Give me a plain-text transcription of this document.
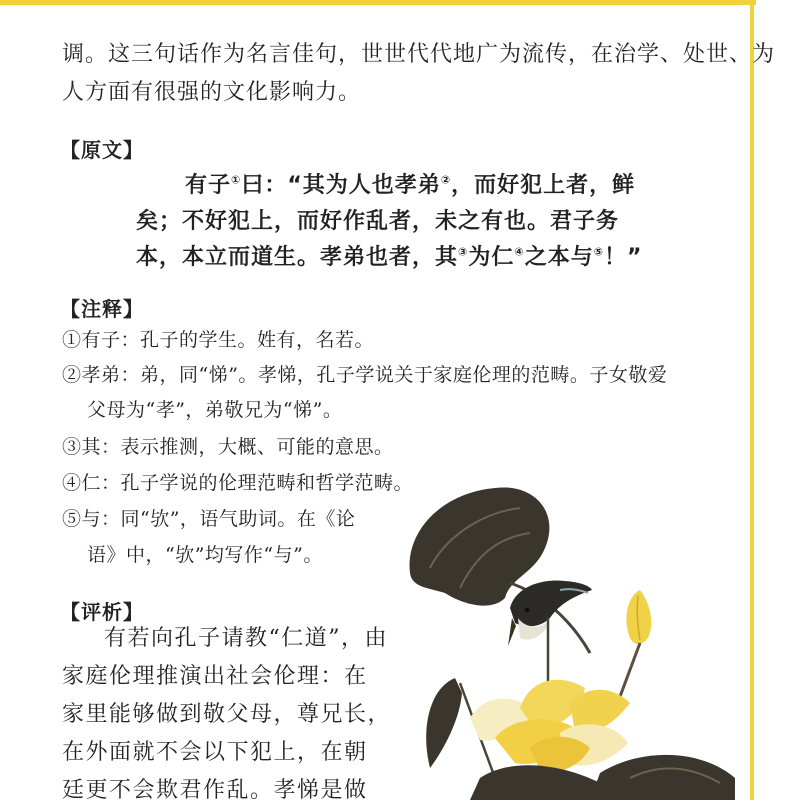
调。这三句话作为名言佳句，世世代代地广为流传，在治学、处世、为
人方面有很强的文化影响力。
【原文】
有子①曰：“其为人也孝弟②，而好犯上者，鲜
矣；不好犯上，而好作乱者，未之有也。君子务
本，本立而道生。孝弟也者，其③为仁④之本与⑤！”
【注释】
①有子：孔子的学生。姓有，名若。
②孝弟：弟，同“悌”。孝悌，孔子学说关于家庭伦理的范畴。子女敬爱
父母为“孝”，弟敬兄为“悌”。
③其：表示推测，大概、可能的意思。
④仁：孔子学说的伦理范畴和哲学范畴。
⑤与：同“欤”，语气助词。在《论
语》中，“欤”均写作“与”。
【评析】
有若向孔子请教“仁道”，由
家庭伦理推演出社会伦理：在
家里能够做到敬父母，尊兄长，
在外面就不会以下犯上，在朝
廷更不会欺君作乱。孝悌是做
